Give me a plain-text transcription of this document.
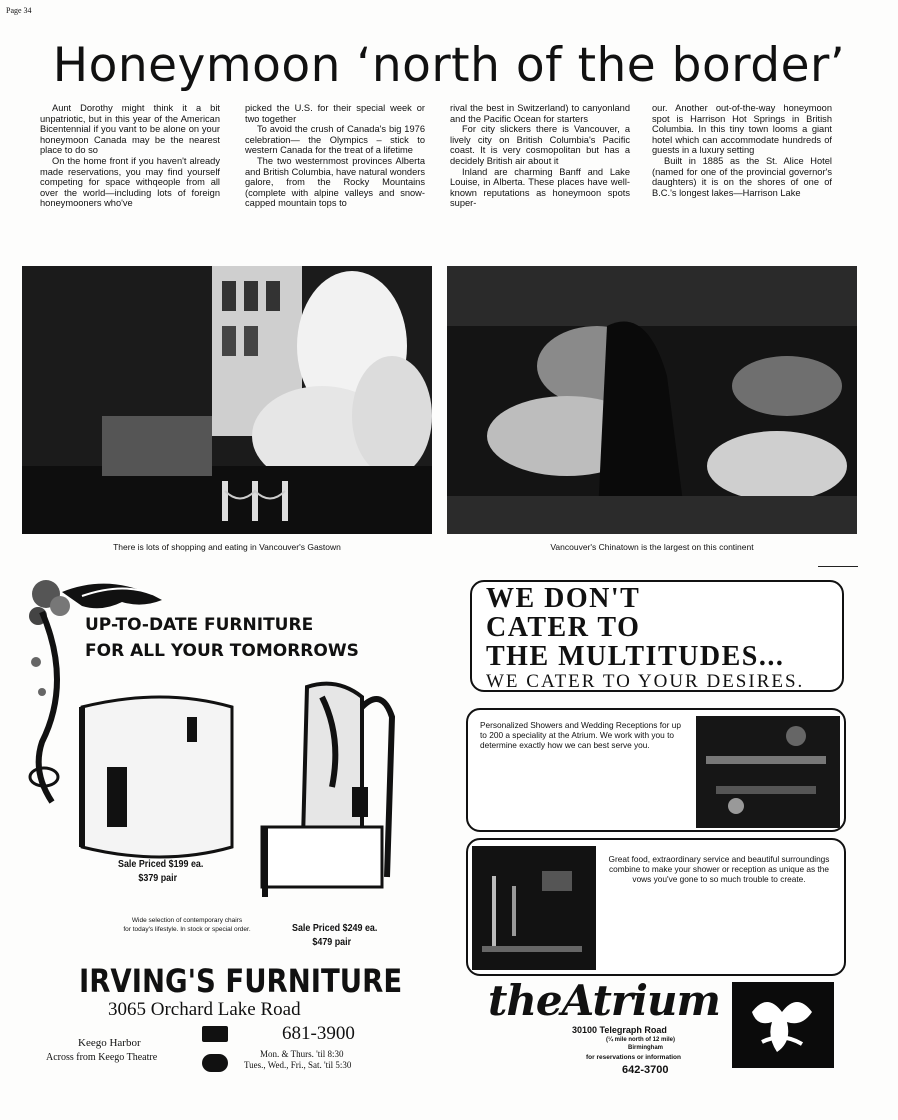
Page 34
Honeymoon ‘north of the border’

Aunt Dorothy might think it a bit unpatriotic, but in this year of the American Bicentennial if you vant to be alone on your honeymoon Canada may be the nearest place to do so

On the home front if you haven't already made reservations, you may find yourself competing for space withqeople from all over the world—including lots of foreign honeymooners who've

picked the U.S. for their special week or two together

To avoid the crush of Canada's big 1976 celebration— the Olympics – stick to western Canada for the treat of a lifetime

The two westernmost provinces Alberta and British Columbia, have natural wonders galore, from the Rocky Mountains (complete with alpine valleys and snow-capped mountain tops to

rival the best in Switzerland) to canyonland and the Pacific Ocean for starters

For city slickers there is Vancouver, a lively city on British Columbia's Pacific coast. It is very cosmopolitan but has a decidely British air about it

Inland are charming Banff and Lake Louise, in Alberta. These places have well-known reputations as honeymoon spots super-

our. Another out-of-the-way honeymoon spot is Harrison Hot Springs in British Columbia. In this tiny town looms a giant hotel which can accommodate hundreds of guests in a luxury setting

Built in 1885 as the St. Alice Hotel (named for one of the provincial governor's daughters) it is on the shores of one of B.C.'s longest lakes—Harrison Lake

There is lots of shopping and eating in Vancouver's Gastown	Vancouver's Chinatown is the largest on this continent
UP-TO-DATE FURNITURE
FOR ALL YOUR TOMORROWS
Sale Priced $199 ea.
$379 pair
Wide selection of contemporary chairs
for today's lifestyle. In stock or special order.	Sale Priced $249 ea.
$479 pair
IRVING'S FURNITURE
3065 Orchard Lake Road
Keego Harbor
Across from Keego Theatre
681-3900
Mon. & Thurs. 'til 8:30
Tues., Wed., Fri., Sat. 'til 5:30
WE DON'T
CATER TO
THE MULTITUDES...
WE CATER TO YOUR DESIRES.
Personalized Showers and Wedding Receptions for up to 200 a speciality at the Atrium. We work with you to determine exactly how we can best serve you.
Great food, extraordinary service and beautiful surroundings combine to make your shower or reception as unique as the vows you've gone to so much trouble to create.
theAtrium
30100 Telegraph Road
(¼ mile north of 12 mile)
Birmingham
for reservations or information
642-3700
